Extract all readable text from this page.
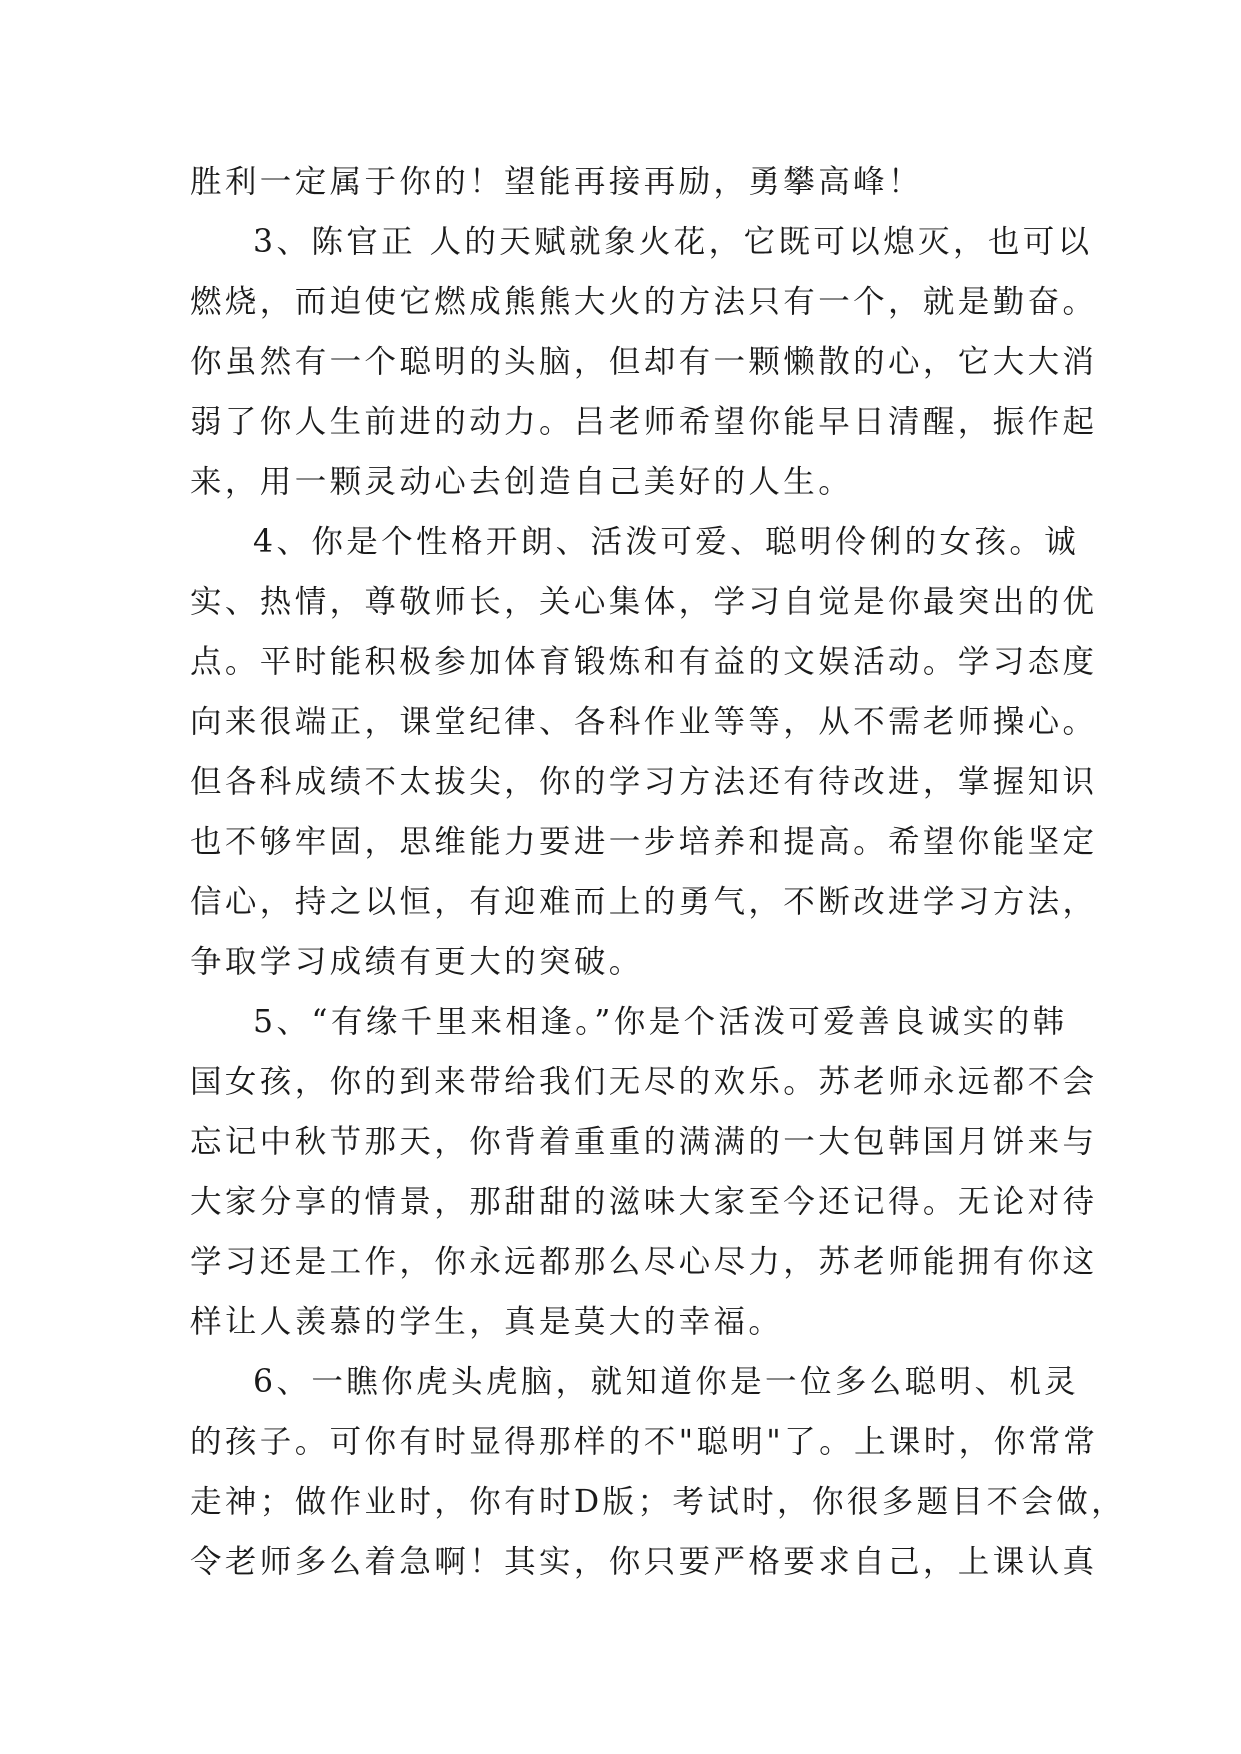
胜利一定属于你的！望能再接再励，勇攀高峰！
3、陈官正 人的天赋就象火花，它既可以熄灭，也可以
燃烧，而迫使它燃成熊熊大火的方法只有一个，就是勤奋。
你虽然有一个聪明的头脑，但却有一颗懒散的心，它大大消
弱了你人生前进的动力。吕老师希望你能早日清醒，振作起
来，用一颗灵动心去创造自己美好的人生。
4、你是个性格开朗、活泼可爱、聪明伶俐的女孩。诚
实、热情，尊敬师长，关心集体，学习自觉是你最突出的优
点。平时能积极参加体育锻炼和有益的文娱活动。学习态度
向来很端正，课堂纪律、各科作业等等，从不需老师操心。
但各科成绩不太拔尖，你的学习方法还有待改进，掌握知识
也不够牢固，思维能力要进一步培养和提高。希望你能坚定
信心，持之以恒，有迎难而上的勇气，不断改进学习方法，
争取学习成绩有更大的突破。
5、“有缘千里来相逢。”你是个活泼可爱善良诚实的韩
国女孩，你的到来带给我们无尽的欢乐。苏老师永远都不会
忘记中秋节那天，你背着重重的满满的一大包韩国月饼来与
大家分享的情景，那甜甜的滋味大家至今还记得。无论对待
学习还是工作，你永远都那么尽心尽力，苏老师能拥有你这
样让人羡慕的学生，真是莫大的幸福。
6、一瞧你虎头虎脑，就知道你是一位多么聪明、机灵
的孩子。可你有时显得那样的不"聪明"了。上课时，你常常
走神；做作业时，你有时D版；考试时，你很多题目不会做，
令老师多么着急啊！其实，你只要严格要求自己，上课认真
